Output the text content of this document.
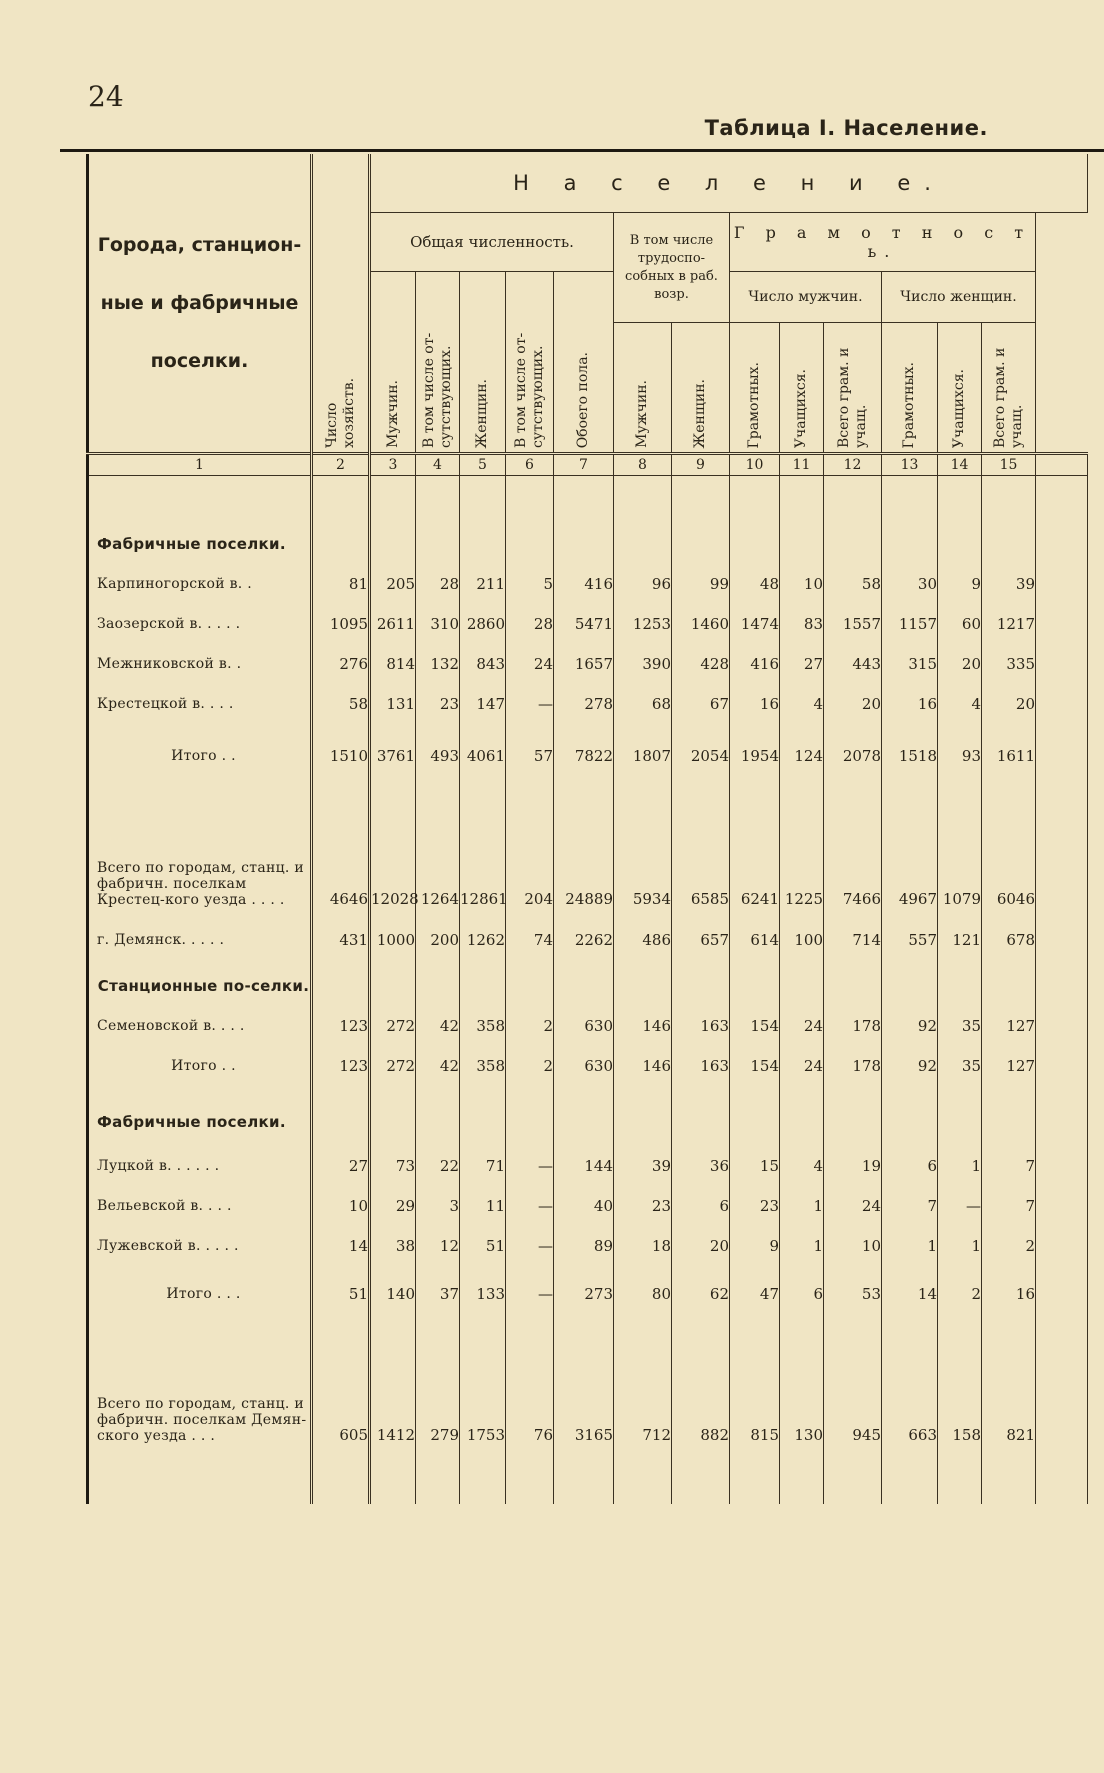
24
Таблица I. Население.
Города, станцион-ные и фабричные поселки.	Число хозяйств.	Н а с е л е н и е.													
		Общая численность.					В том числе трудоспо-собных в раб. возр.		Г р а м о т н о с т ь.						
		Мужчин.	В том числе от-сутствующих.	Женщин.	В том числе от-сутствующих.	Обоего пола.			Число мужчин.			Число женщин.			
							Мужчин.	Женщин.	Грамотных.	Учащихся.	Всего грам. и учащ.	Грамотных.	Учащихся.	Всего грам. и учащ.	
1	2	3	4	5	6	7	8	9	10	11	12	13	14	15	

Фабричные поселки.															
Карпиногорской в. .	81	205	28	211	5	416	96	99	48	10	58	30	9	39	
Заозерской в. . . . .	1095	2611	310	2860	28	5471	1253	1460	1474	83	1557	1157	60	1217	
Межниковской в. .	276	814	132	843	24	1657	390	428	416	27	443	315	20	335	
Крестецкой в. . . .	58	131	23	147	—	278	68	67	16	4	20	16	4	20	

Итого . .	1510	3761	493	4061	57	7822	1807	2054	1954	124	2078	1518	93	1611	

Всего по городам, станц. и фабричн. поселкам Крестец-кого уезда . . . .	4646	12028	1264	12861	204	24889	5934	6585	6241	1225	7466	4967	1079	6046	

г. Демянск. . . . .	431	1000	200	1262	74	2262	486	657	614	100	714	557	121	678	

Станционные по-селки.															
Семеновской в. . . .	123	272	42	358	2	630	146	163	154	24	178	92	35	127	
Итого . .	123	272	42	358	2	630	146	163	154	24	178	92	35	127	

Фабричные поселки.															

Луцкой в. . . . . .	27	73	22	71	—	144	39	36	15	4	19	6	1	7	
Вельевской в. . . .	10	29	3	11	—	40	23	6	23	1	24	7	—	7	
Лужевской в. . . . .	14	38	12	51	—	89	18	20	9	1	10	1	1	2	

Итого . . .	51	140	37	133	—	273	80	62	47	6	53	14	2	16	

Всего по городам, станц. и фабричн. поселкам Демян-ского уезда . . .	605	1412	279	1753	76	3165	712	882	815	130	945	663	158	821	
